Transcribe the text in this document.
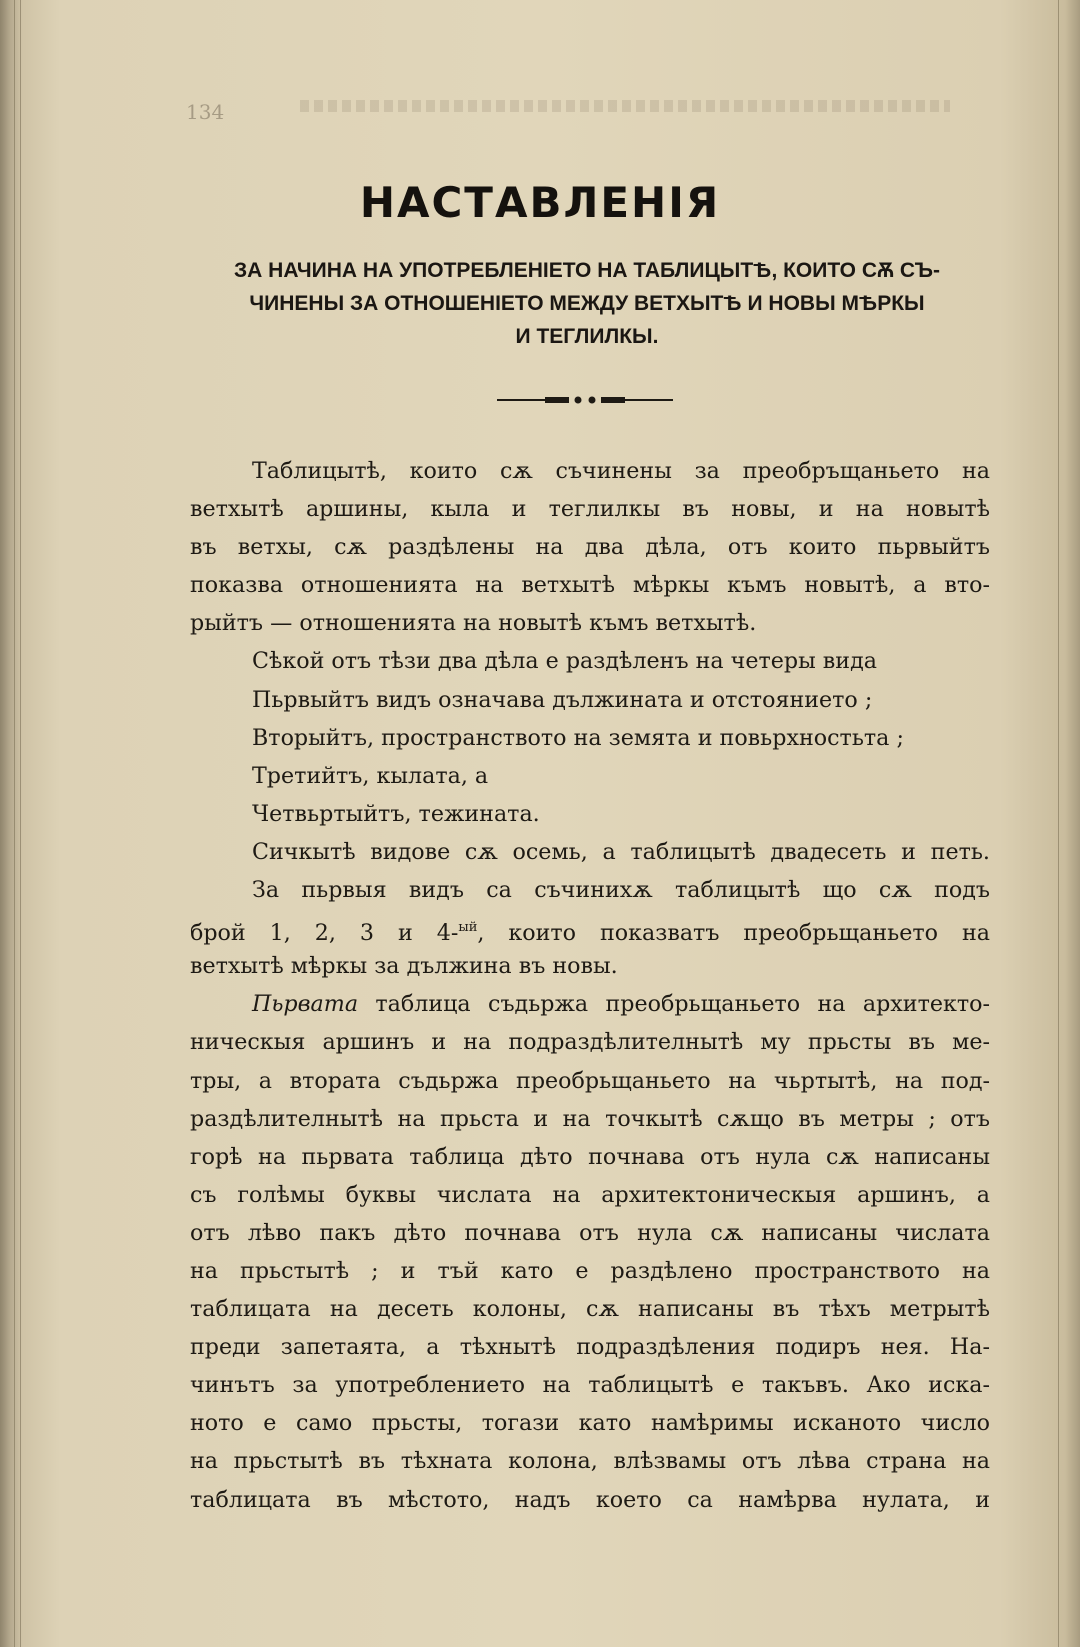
134
НАСТАВЛЕНІЯ
ЗА НАЧИНА НА УПОТРЕБЛЕНІЕТО НА ТАБЛИЦЫТѢ, КОИТО СѪ СЪ-
ЧИНЕНЫ ЗА ОТНОШЕНІЕТО МЕЖДУ ВЕТХЫТѢ И НОВЫ МѢРКЫ
И ТЕГЛИЛКЫ.
Таблицытѣ, които сѫ съчинены за преобръщаньето на
ветхытѣ аршины, кыла и теглилкы въ новы, и на новытѣ
въ ветхы, сѫ раздѣлены на два дѣла, отъ които пьрвыйтъ
показва отношенията на ветхытѣ мѣркы къмъ новытѣ, а вто-
рыйтъ — отношенията на новытѣ къмъ ветхытѣ.
Сѣкой отъ тѣзи два дѣла е раздѣленъ на четеры вида
Пьрвыйтъ видъ означава дължината и отстоянието ;
Вторыйтъ, пространството на земята и повьрхностьта ;
Третийтъ, кылата, а
Четвьртыйтъ, тежината.
Сичкытѣ видове сѫ осемь, а таблицытѣ двадесеть и петь.
За пьрвыя видъ са съчинихѫ таблицытѣ що сѫ подъ
брой 1, 2, 3 и 4-$^{ый}$, които показватъ преобрьщаньето на
ветхытѣ мѣркы за дължина въ новы.
Пьрвата таблица съдьржа преобрьщаньето на архитекто-
ническыя аршинъ и на подраздѣлителнытѣ му прьсты въ ме-
тры, а втората съдьржа преобрьщаньето на чьртытѣ, на под-
раздѣлителнытѣ на прьста и на точкытѣ сѫщо въ метры ; отъ
горѣ на пьрвата таблица дѣто почнава отъ нула сѫ написаны
съ голѣмы буквы числата на архитектоническыя аршинъ, а
отъ лѣво пакъ дѣто почнава отъ нула сѫ написаны числата
на прьстытѣ ; и тъй като е раздѣлено пространството на
таблицата на десеть колоны, сѫ написаны въ тѣхъ метрытѣ
преди запетаята, а тѣхнытѣ подраздѣления подиръ нея. На-
чинътъ за употреблението на таблицытѣ е такъвъ. Ако иска-
ното е само прьсты, тогази като намѣримы исканото число
на прьстытѣ въ тѣхната колона, влѣзвамы отъ лѣва страна на
таблицата въ мѣстото, надъ което са намѣрва нулата, и
